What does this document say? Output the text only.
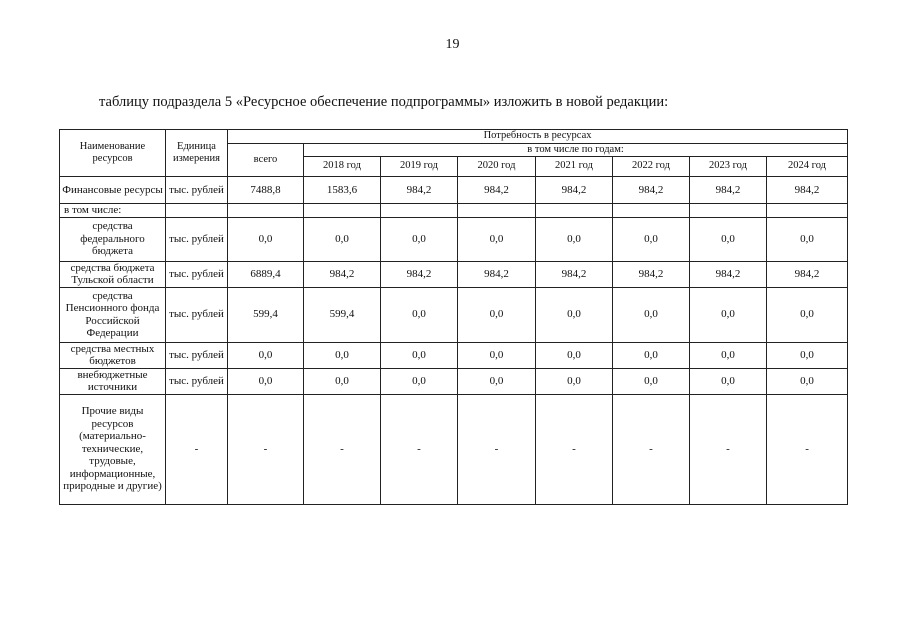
19
таблицу подраздела 5 «Ресурсное обеспечение подпрограммы» изложить в новой редакции:
Наименование ресурсов	Единица измерения	Потребность в ресурсах							
		всего	в том числе по годам:						
			2018 год	2019 год	2020 год	2021 год	2022 год	2023 год	2024 год
Финансовые ресурсы	тыс. рублей	7488,8	1583,6	984,2	984,2	984,2	984,2	984,2	984,2
в том числе:									
средства федерального бюджета	тыс. рублей	0,0	0,0	0,0	0,0	0,0	0,0	0,0	0,0
средства бюджета Тульской области	тыс. рублей	6889,4	984,2	984,2	984,2	984,2	984,2	984,2	984,2
средства Пенсионного фонда Российской Федерации	тыс. рублей	599,4	599,4	0,0	0,0	0,0	0,0	0,0	0,0
средства местных бюджетов	тыс. рублей	0,0	0,0	0,0	0,0	0,0	0,0	0,0	0,0
внебюджетные источники	тыс. рублей	0,0	0,0	0,0	0,0	0,0	0,0	0,0	0,0
Прочие виды ресурсов (материально-технические, трудовые, информационные, природные и другие)	-	-	-	-	-	-	-	-	-
